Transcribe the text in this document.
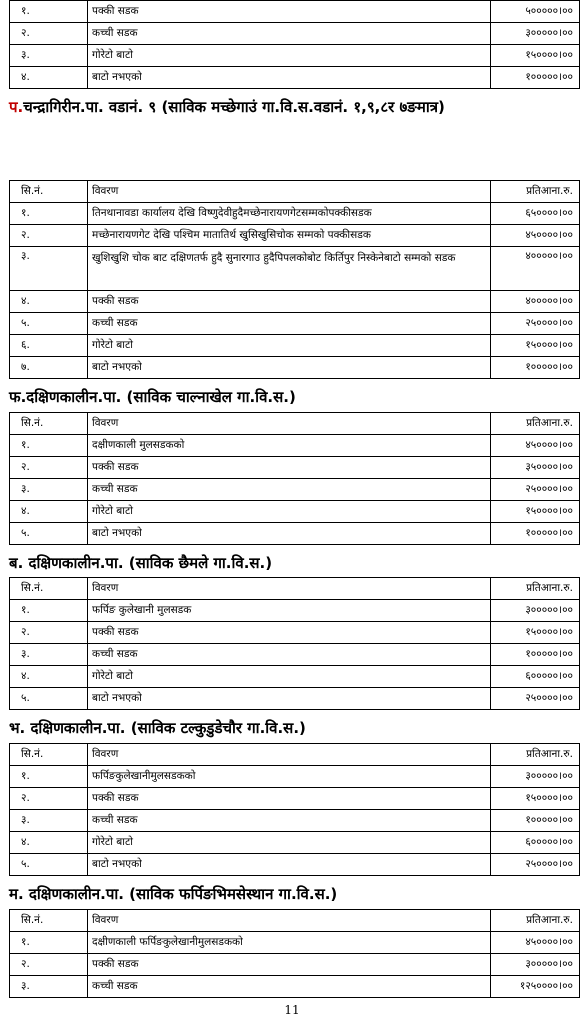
१.	पक्की सडक	५०००००।००
२.	कच्ची सडक	३०००००।००
३.	गोरेटो बाटो	१५००००।००
४.	बाटो नभएको	१०००००।००
प.चन्द्रागिरीन.पा. वडानं. ९ (साविक मच्छेगाउं गा.वि.स.वडानं. १,९,८र ७ङमात्र)
सि.नं.	विवरण	प्रतिआना.रु.
१.	तिनथानावडा कार्यालय देखि विष्णुदेवीहुदैमच्छेनारायणगेटसम्मकोपक्कीसडक	६५००००।००
२.	मच्छेनारायणगेट देखि पश्चिम मातातिर्थ खुसिखुसिचोक सम्मको पक्कीसडक	४५००००।००
३.	खुशिखुशि चोक बाट दक्षिणतर्फ हुदै सुनारगाउ हुदैपिपलकोबोट किर्तिपुर निस्केनेबाटो सम्मको सडक	४०००००।००
४.	पक्की सडक	४०००००।००
५.	कच्ची सडक	२५००००।००
६.	गोरेटो बाटो	१५००००।००
७.	बाटो नभएको	१०००००।००
फ.दक्षिणकालीन.पा. (साविक चाल्नाखेल गा.वि.स.)
सि.नं.	विवरण	प्रतिआना.रु.
१.	दक्षीणकाली मुलसडकको	४५००००।००
२.	पक्की सडक	३५००००।००
३.	कच्ची सडक	२५००००।००
४.	गोरेटो बाटो	१५००००।००
५.	बाटो नभएको	१०००००।००
ब. दक्षिणकालीन.पा. (साविक छैमले गा.वि.स.)
सि.नं.	विवरण	प्रतिआना.रु.
१.	फर्पिङ कुलेखानी मुलसडक	३०००००।००
२.	पक्की सडक	१५००००।००
३.	कच्ची सडक	१०००००।००
४.	गोरेटो बाटो	६०००००।००
५.	बाटो नभएको	२५००००।००
भ. दक्षिणकालीन.पा. (साविक टल्कुडुडेचौर गा.वि.स.)
सि.नं.	विवरण	प्रतिआना.रु.
१.	फर्पिङकुलेखानीमुलसडकको	३०००००।००
२.	पक्की सडक	१५००००।००
३.	कच्ची सडक	१०००००।००
४.	गोरेटो बाटो	६०००००।००
५.	बाटो नभएको	२५००००।००
म. दक्षिणकालीन.पा. (साविक फर्पिङभिमसेस्थान गा.वि.स.)
सि.नं.	विवरण	प्रतिआना.रु.
१.	दक्षीणकाली फर्पिङकुलेखानीमुलसडकको	४५००००।००
२.	पक्की सडक	३०००००।००
३.	कच्ची सडक	१२५००००।००
11
